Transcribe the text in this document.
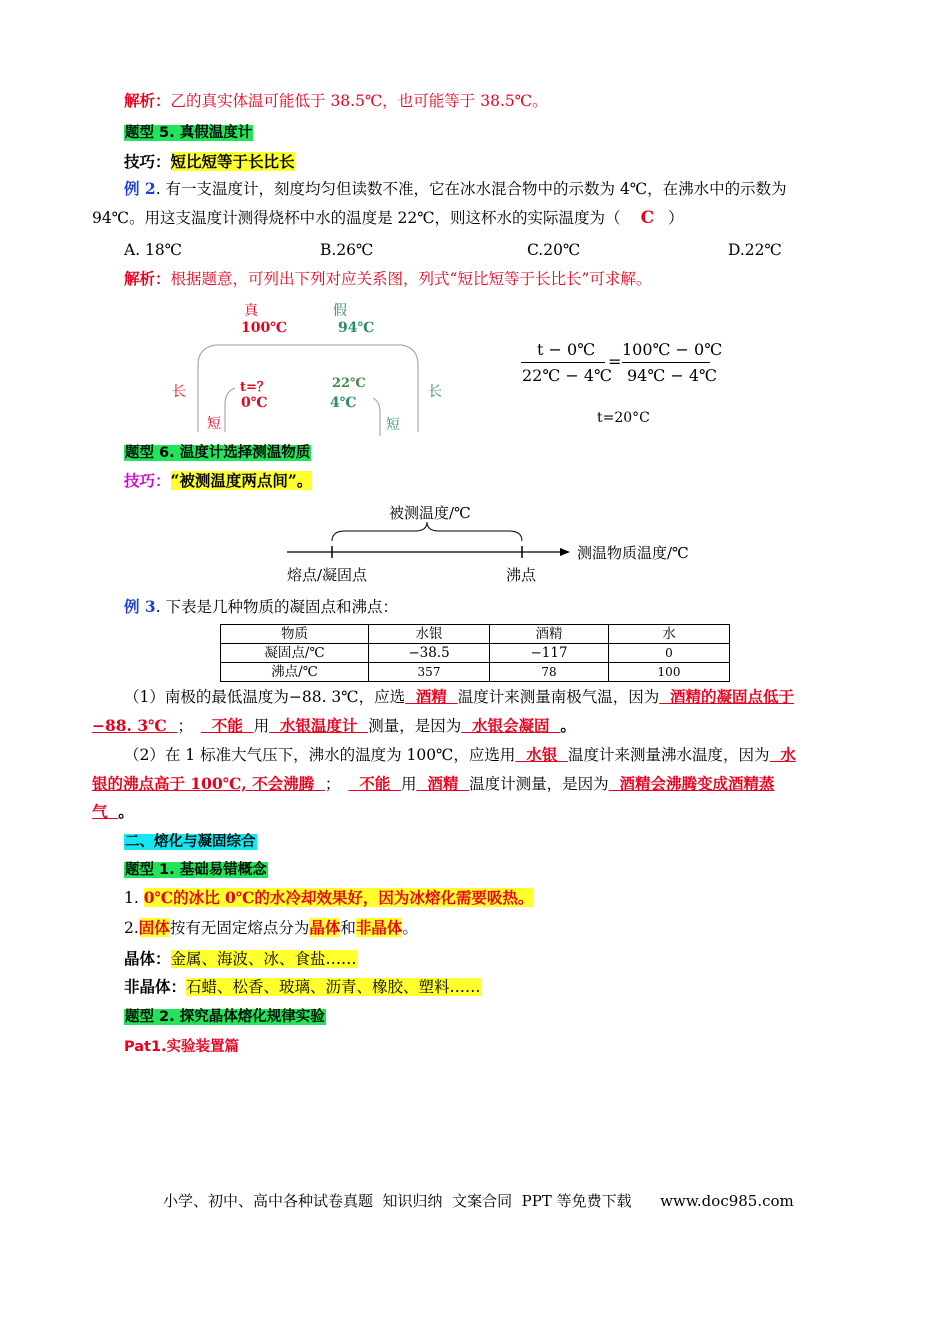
解析：乙的真实体温可能低于 38.5℃，也可能等于 38.5℃。
题型 5. 真假温度计
技巧：短比短等于长比长
例 2. 有一支温度计，刻度均匀但读数不准，它在冰水混合物中的示数为 4℃，在沸水中的示数为
94℃。用这支温度计测得烧杯中水的温度是 22℃，则这杯水的实际温度为（ C ）
A. 18℃	B.26℃	C.20℃	D.22℃
解析：根据题意，可列出下列对应关系图，列式“短比短等于长比长”可求解。
真	假
100℃	94℃
t=？	22℃
0℃	4℃
长	长
短	短
t − 0℃
22℃ − 4℃
=
100℃ − 0℃
94℃ − 4℃
t=20°C
题型 6. 温度计选择测温物质
技巧：“被测温度两点间”。
被测温度/℃
测温物质温度/℃
熔点/凝固点	沸点
例 3. 下表是几种物质的凝固点和沸点：
物质	水银	酒精	水
凝固点/℃	−38.5	−117	0
沸点/℃	357	78	100
（1）南极的最低温度为−88. 3℃，应选  酒精  温度计来测量南极气温，因为  酒精的凝固点低于
−88. 3℃  ；  不能  用  水银温度计  测量，是因为  水银会凝固  。
（2）在 1 标准大气压下，沸水的温度为 100℃，应选用  水银  温度计来测量沸水温度，因为  水
银的沸点高于 100℃, 不会沸腾  ；  不能  用  酒精  温度计测量，是因为  酒精会沸腾变成酒精蒸
气  。
二、熔化与凝固综合
题型 1. 基础易错概念
1. 0℃的冰比 0℃的水冷却效果好，因为冰熔化需要吸热。
2.固体按有无固定熔点分为晶体和非晶体。
晶体：金属、海波、冰、食盐……
非晶体：石蜡、松香、玻璃、沥青、橡胶、塑料……
题型 2. 探究晶体熔化规律实验
Pat1.实验装置篇
小学、初中、高中各种试卷真题  知识归纳  文案合同  PPT 等免费下载      www.doc985.com
